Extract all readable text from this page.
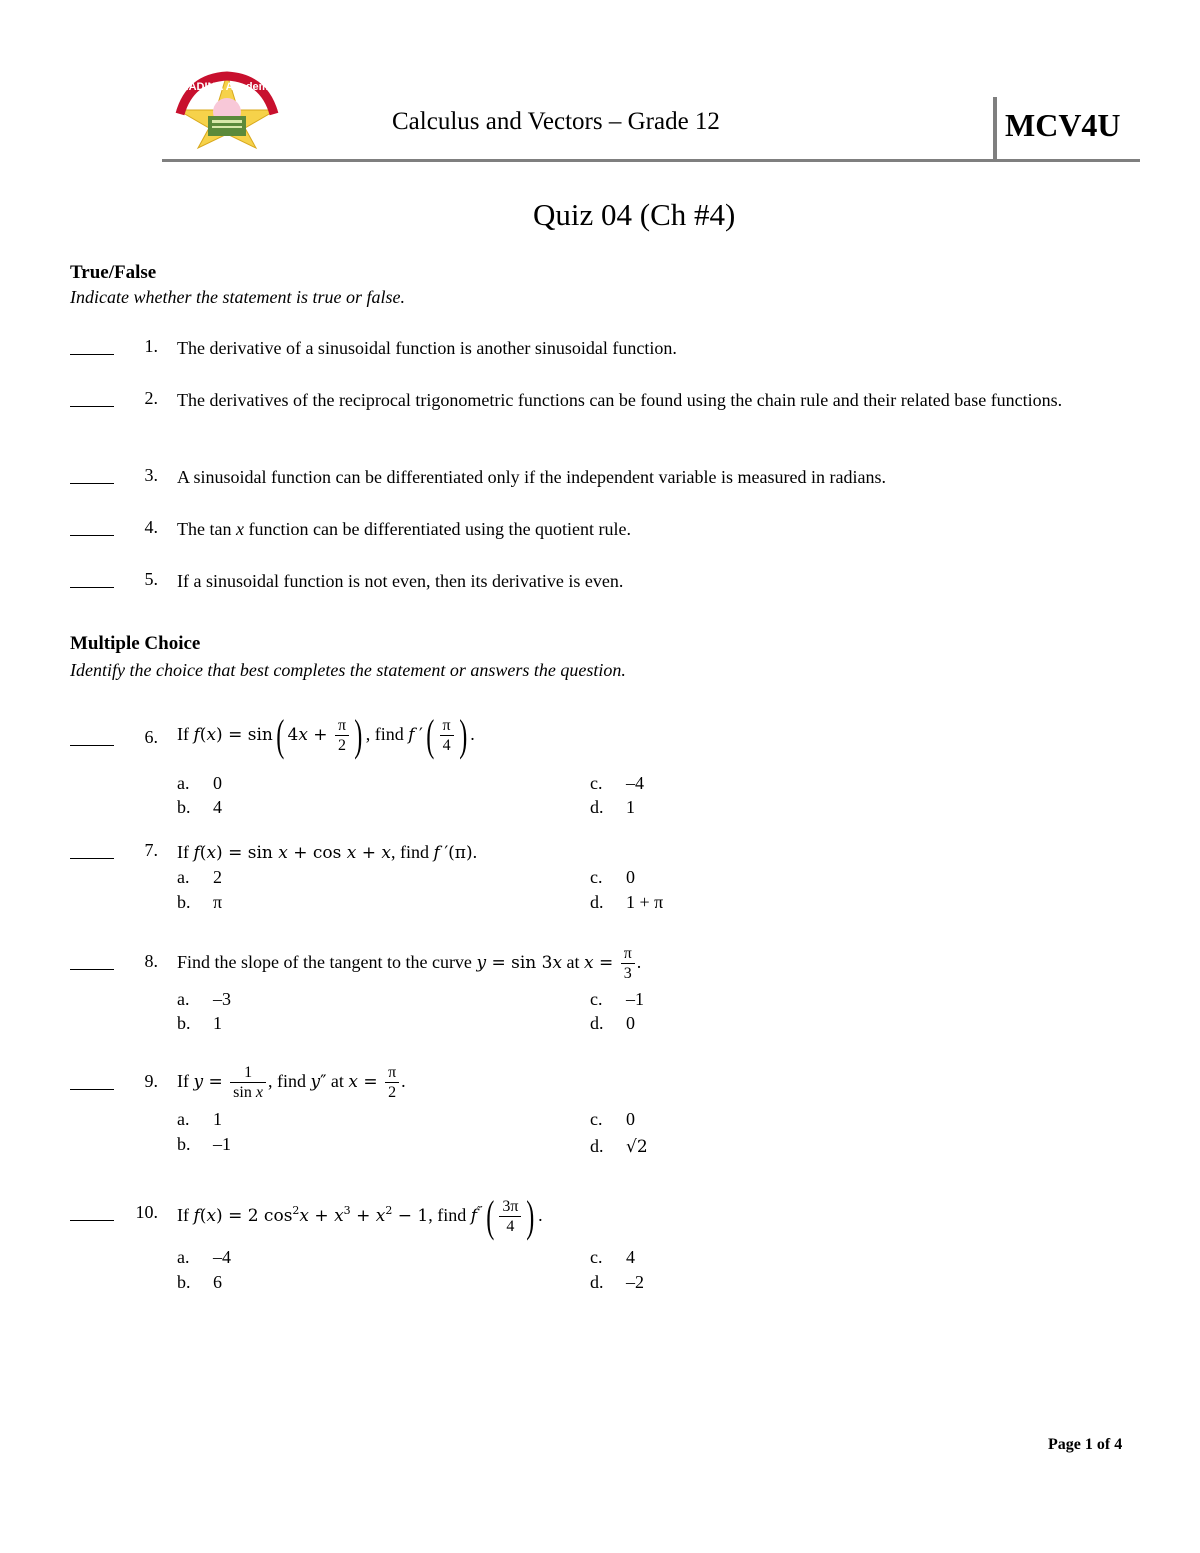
MADINA Academy
Calculus and Vectors – Grade 12	MCV4U
Quiz 04 (Ch #4)
True/False
Indicate whether the statement is true or false.
1. The derivative of a sinusoidal function is another sinusoidal function.
2. The derivatives of the reciprocal trigonometric functions can be found using the chain rule and their related base functions.
3. A sinusoidal function can be differentiated only if the independent variable is measured in radians.
4. The tan x function can be differentiated using the quotient rule.
5. If a sinusoidal function is not even, then its derivative is even.
Multiple Choice
Identify the choice that best completes the statement or answers the question.
6. If f(x) = sin( $4x + \frac{\pi}{2}$ ) , find f ′( $\frac{\pi}{4}$ ) .
a. 0
b. 4
c. –4
d. 1
7. If f(x) = sin x + cos x + x, find f ′(π).
a. 2
b. π
c. 0
d. 1 + π
8. Find the slope of the tangent to the curve y = sin 3x at $x = \frac{\pi}{3}$ .
a. –3
b. 1
c. –1
d. 0
9. If $y = \frac{1}{\text{sin x}}$ , find y″ at $x = \frac{\pi}{2}$ .
a. 1
b. –1
c. 0
d. √2
10. If f(x) = 2 $\cos^2x + x^3 + x^2 - 1$, find $f^‴( \frac{3\pi}{4}$ ) .
a. –4
b. 6
c. 4
d. –2
Page 1 of 4
